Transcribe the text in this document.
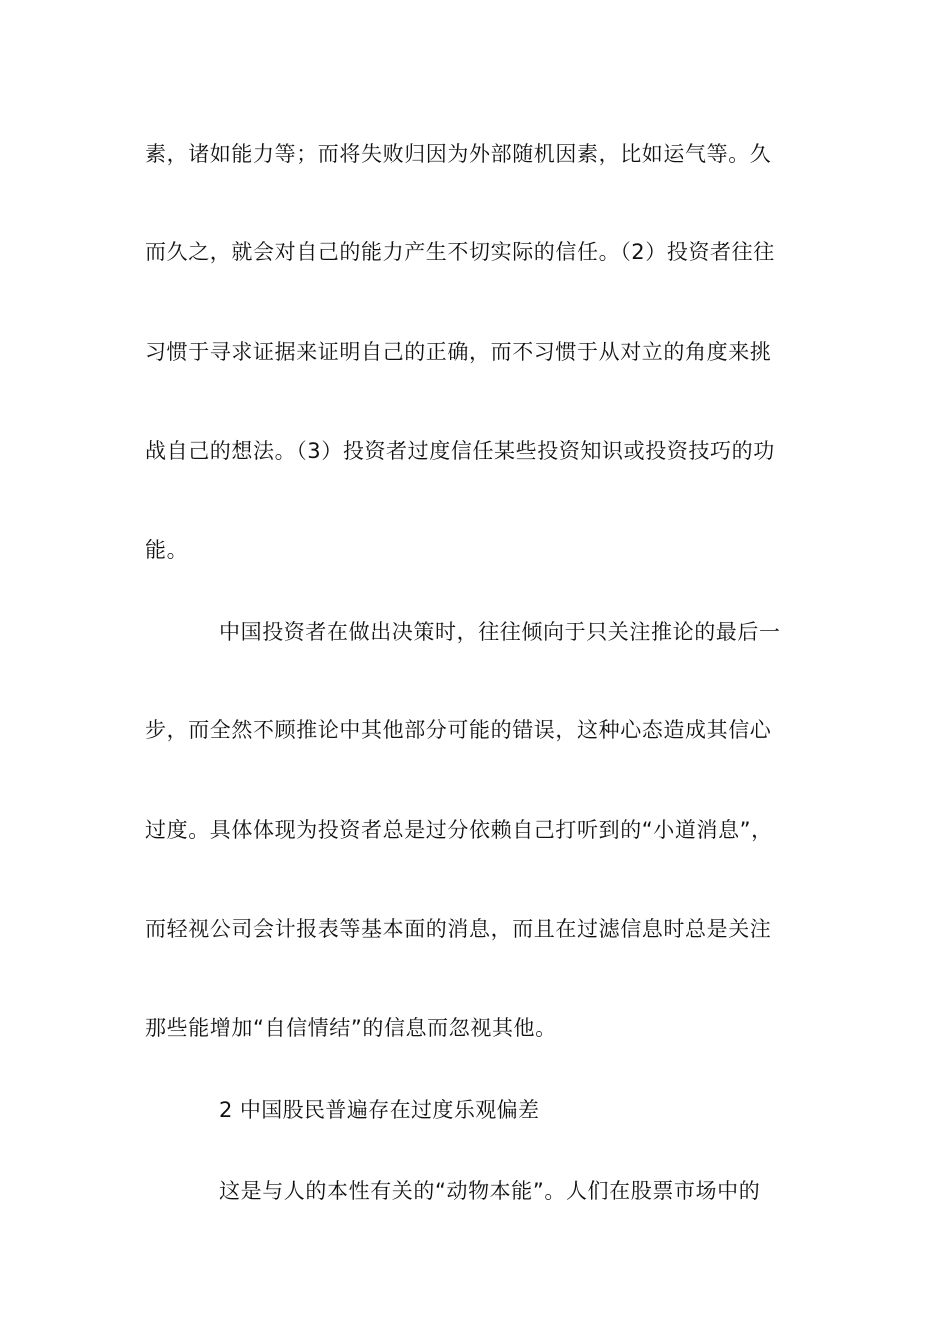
素，诸如能力等；而将失败归因为外部随机因素，比如运气等。久
而久之，就会对自己的能力产生不切实际的信任。（2）投资者往往
习惯于寻求证据来证明自己的正确，而不习惯于从对立的角度来挑
战自己的想法。（3）投资者过度信任某些投资知识或投资技巧的功
能。
中国投资者在做出决策时，往往倾向于只关注推论的最后一
步，而全然不顾推论中其他部分可能的错误，这种心态造成其信心
过度。具体体现为投资者总是过分依赖自己打听到的“小道消息”，
而轻视公司会计报表等基本面的消息，而且在过滤信息时总是关注
那些能增加“自信情结”的信息而忽视其他。
2 中国股民普遍存在过度乐观偏差
这是与人的本性有关的“动物本能”。人们在股票市场中的
